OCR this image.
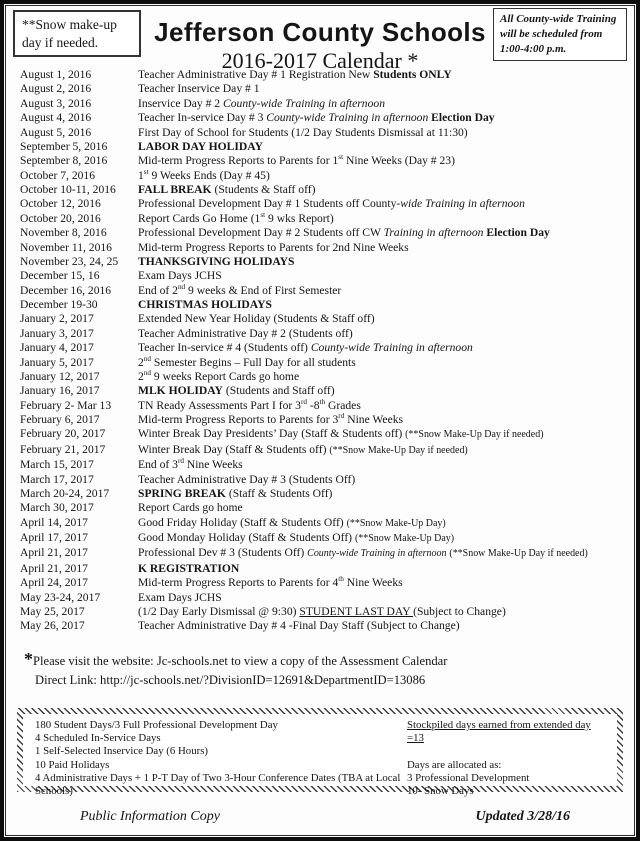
**Snow make-up day if needed.	Jefferson County Schools
2016-2017 Calendar *
All County-wide Training will be scheduled from 1:00-4:00 p.m.
August 1, 2016	Teacher Administrative Day # 1 Registration New Students ONLY
August 2, 2016	Teacher Inservice Day # 1
August 3, 2016	Inservice Day # 2 County-wide Training in afternoon
August 4, 2016	Teacher In-service Day # 3 County-wide Training in afternoon Election Day
August 5, 2016	First Day of School for Students (1/2 Day Students Dismissal at 11:30)
September 5, 2016	LABOR DAY HOLIDAY
September 8, 2016	Mid-term Progress Reports to Parents for 1st Nine Weeks (Day # 23)
October 7, 2016	1st 9 Weeks Ends (Day # 45)
October 10-11, 2016	FALL BREAK (Students & Staff off)
October 12, 2016	Professional Development Day # 1 Students off County-wide Training in afternoon
October 20, 2016	Report Cards Go Home (1st 9 wks Report)
November 8, 2016	Professional Development Day # 2 Students off CW Training in afternoon Election Day
November 11, 2016	Mid-term Progress Reports to Parents for 2nd Nine Weeks
November 23, 24, 25	THANKSGIVING HOLIDAYS
December 15, 16	Exam Days JCHS
December 16, 2016	End of 2nd 9 weeks & End of First Semester
December 19-30	CHRISTMAS HOLIDAYS
January 2, 2017	Extended New Year Holiday (Students & Staff off)
January 3, 2017	Teacher Administrative Day # 2 (Students off)
January 4, 2017	Teacher In-service # 4 (Students off) County-wide Training in afternoon
January 5, 2017	2nd Semester Begins – Full Day for all students
January 12, 2017	2nd 9 weeks Report Cards go home
January 16, 2017	MLK HOLIDAY (Students and Staff off)
February 2- Mar 13	TN Ready Assessments Part I for 3rd -8th Grades
February 6, 2017	Mid-term Progress Reports to Parents for 3rd Nine Weeks
February 20, 2017	Winter Break Day Presidents’ Day (Staff & Students off) (**Snow Make-Up Day if needed)
February 21, 2017	Winter Break Day (Staff & Students off) (**Snow Make-Up Day if needed)
March 15, 2017	End of 3rd Nine Weeks
March 17, 2017	Teacher Administrative Day # 3 (Students Off)
March 20-24, 2017	SPRING BREAK (Staff & Students Off)
March 30, 2017	Report Cards go home
April 14, 2017	Good Friday Holiday (Staff & Students Off) (**Snow Make-Up Day)
April 17, 2017	Good Monday Holiday (Staff & Students Off) (**Snow Make-Up Day)
April 21, 2017	Professional Dev # 3 (Students Off) County-wide Training in afternoon (**Snow Make-Up Day if needed)
April 21, 2017	K REGISTRATION
April 24, 2017	Mid-term Progress Reports to Parents for 4th Nine Weeks
May 23-24, 2017	Exam Days JCHS
May 25, 2017	(1/2 Day Early Dismissal @ 9:30) STUDENT LAST DAY (Subject to Change)
May 26, 2017	Teacher Administrative Day # 4 -Final Day Staff (Subject to Change)
*Please visit the website: Jc-schools.net to view a copy of the Assessment Calendar
Direct Link: http://jc-schools.net/?DivisionID=12691&DepartmentID=13086
180 Student Days/3 Full Professional Development Day
4 Scheduled In-Service Days
1 Self-Selected Inservice Day (6 Hours)
10 Paid Holidays
4 Administrative Days + 1 P-T Day of Two 3-Hour Conference Dates (TBA at Local Schools)
Stockpiled days earned from extended day =13

Days are allocated as:
3 Professional Development
10- Snow Days
Public Information Copy	Updated 3/28/16
